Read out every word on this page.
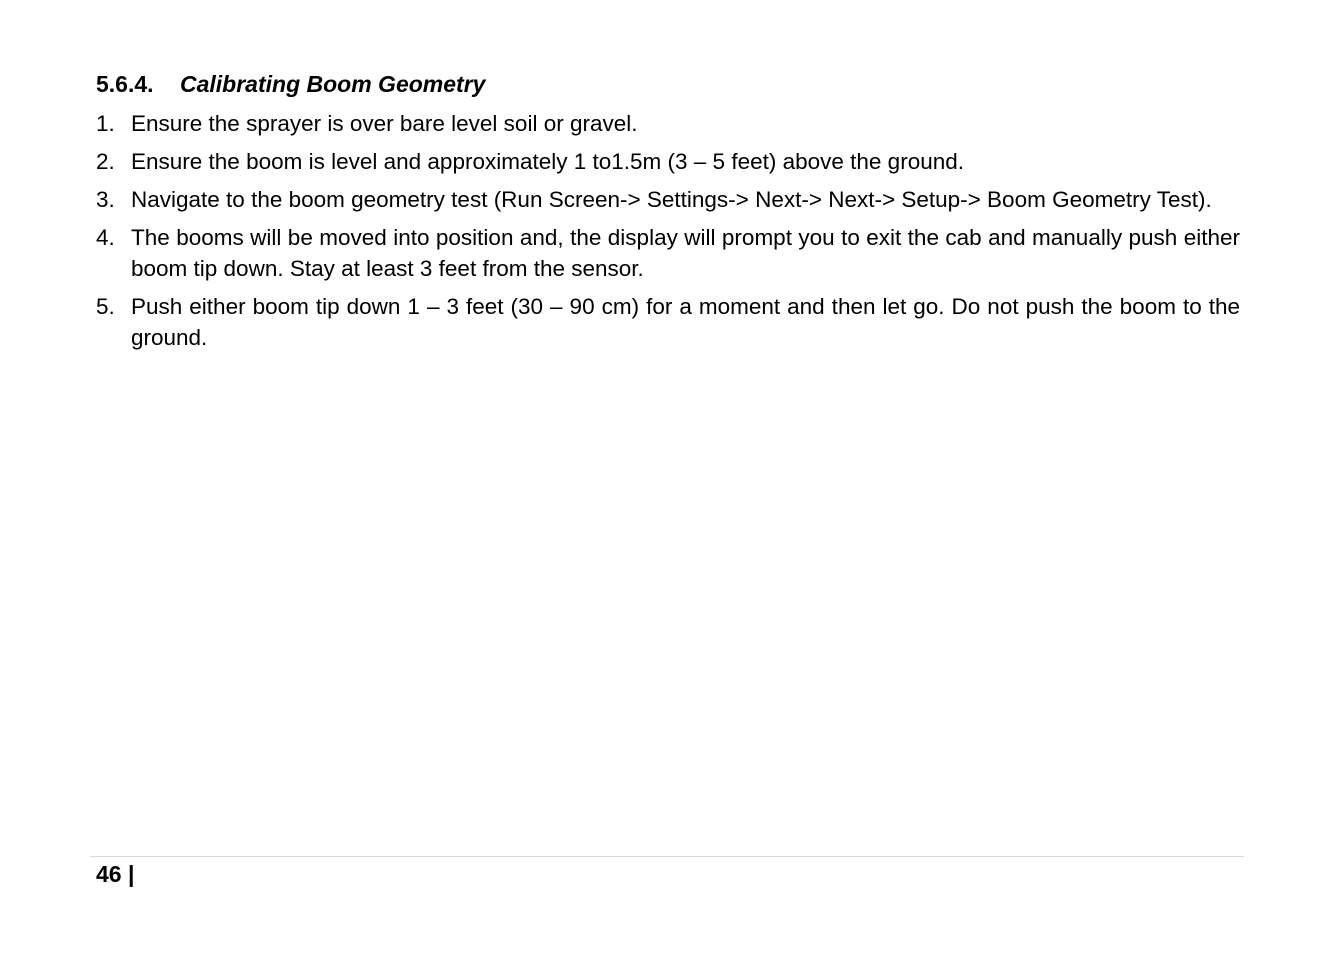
5.6.4. Calibrating Boom Geometry
1. Ensure the sprayer is over bare level soil or gravel.
2. Ensure the boom is level and approximately 1 to1.5m (3 – 5 feet) above the ground.
3. Navigate to the boom geometry test (Run Screen-> Settings-> Next-> Next-> Setup-> Boom Geometry Test).
4. The booms will be moved into position and, the display will prompt you to exit the cab and manually push either boom tip down. Stay at least 3 feet from the sensor.
5. Push either boom tip down 1 – 3 feet (30 – 90 cm) for a moment and then let go. Do not push the boom to the ground.
46 |
